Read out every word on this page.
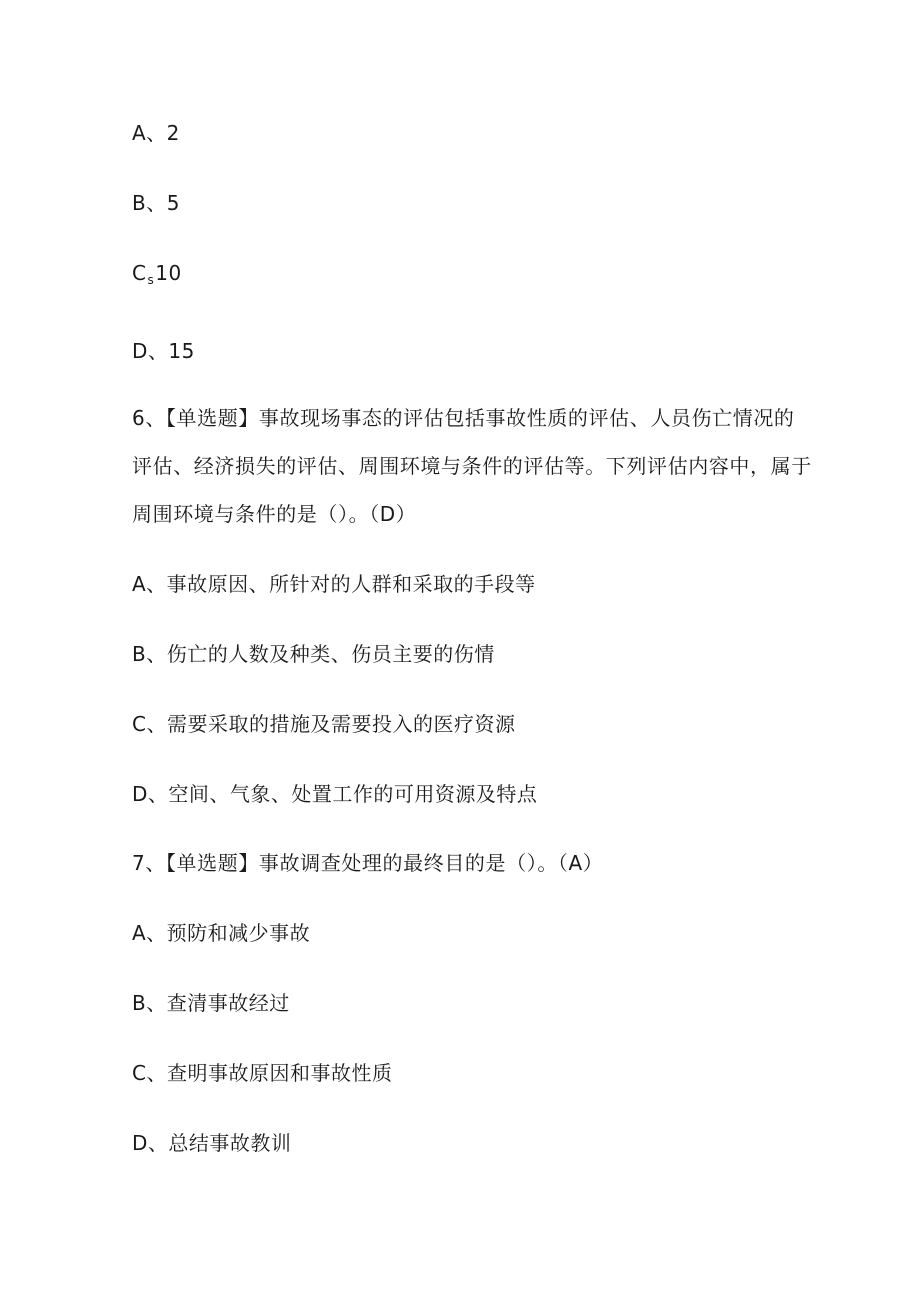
A、2
B、5
$C_s10$
D、15
6、【单选题】事故现场事态的评估包括事故性质的评估、人员伤亡情况的
评估、经济损失的评估、周围环境与条件的评估等。下列评估内容中，属于
周围环境与条件的是（）。（D）
A、事故原因、所针对的人群和采取的手段等
B、伤亡的人数及种类、伤员主要的伤情
C、需要采取的措施及需要投入的医疗资源
D、空间、气象、处置工作的可用资源及特点
7、【单选题】事故调查处理的最终目的是（）。（A）
A、预防和减少事故
B、查清事故经过
C、查明事故原因和事故性质
D、总结事故教训
